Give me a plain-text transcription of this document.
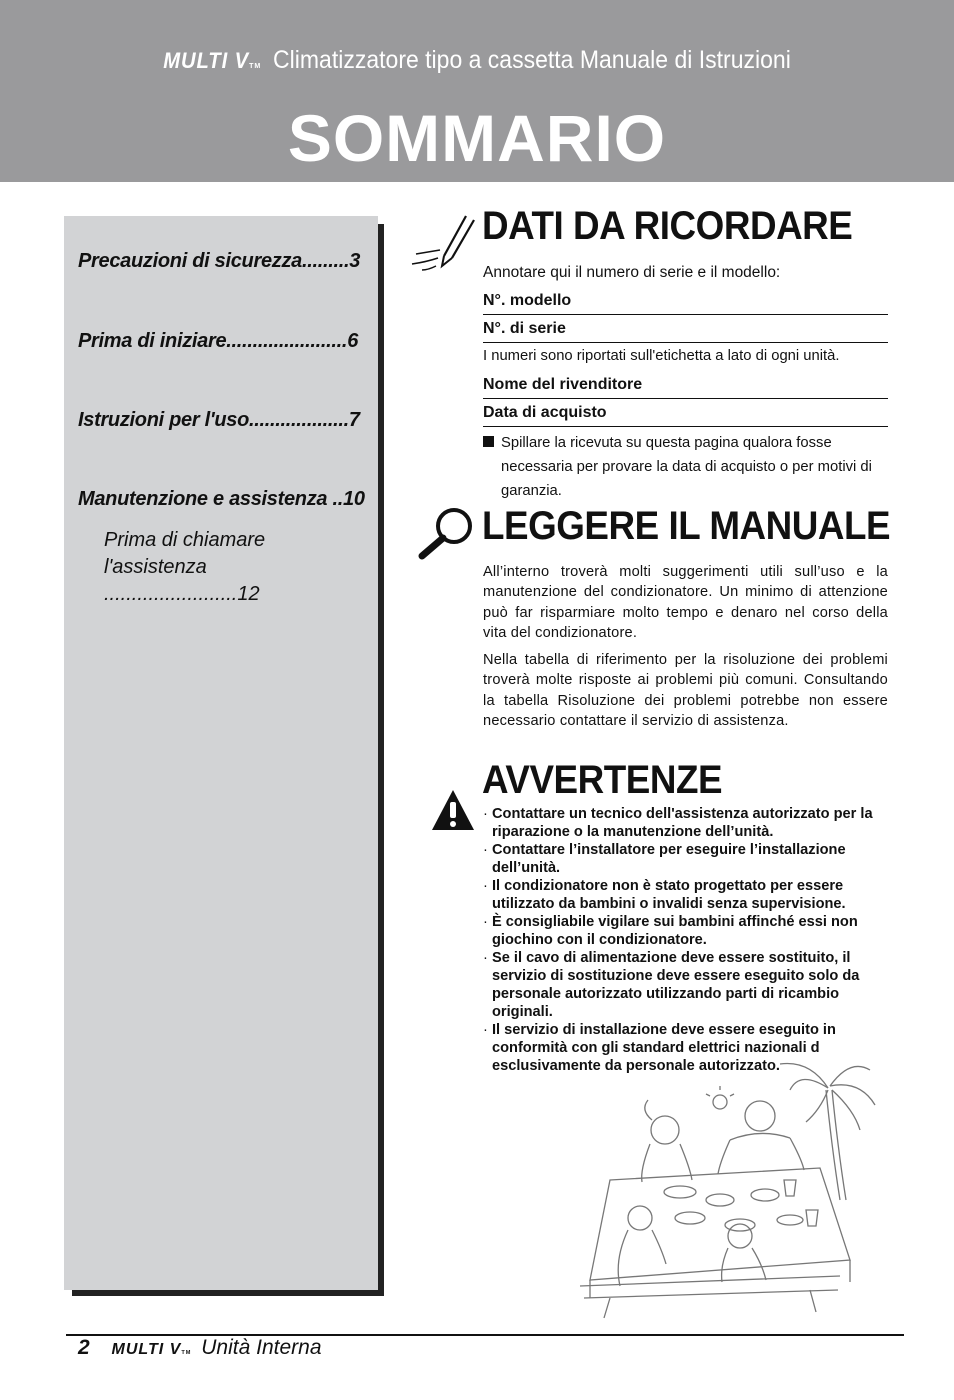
MULTI VTM Climatizzatore tipo a cassetta Manuale di Istruzioni
SOMMARIO
Precauzioni di sicurezza.........3
Prima di iniziare.......................6
Istruzioni per l'uso...................7
Manutenzione e assistenza ..10
Prima di chiamare
l'assistenza ........................12
DATI DA RICORDARE
Annotare qui il numero di serie e il modello:
N°. modello
N°. di serie
I numeri sono riportati sull'etichetta a lato di ogni unità.
Nome del rivenditore
Data di acquisto
Spillare la ricevuta su questa pagina qualora fosse
necessaria per provare la data di acquisto o per motivi di
garanzia.
LEGGERE IL MANUALE
All’interno troverà molti suggerimenti utili sull’uso e la manutenzione del condizionatore. Un minimo di attenzione può far risparmiare molto tempo e denaro nel corso della vita del condizionatore.
Nella tabella di riferimento per la risoluzione dei problemi troverà molte risposte ai problemi più comuni. Consultando la tabella Risoluzione dei problemi potrebbe non essere necessario contattare il servizio di assistenza.
AVVERTENZE
· Contattare un tecnico dell'assistenza autorizzato per la riparazione o la manutenzione dell’unità.
· Contattare l’installatore per eseguire l’installazione dell’unità.
· Il condizionatore non è stato progettato per essere utilizzato da bambini o invalidi senza supervisione.
· È consigliabile vigilare sui bambini affinché essi non giochino con il condizionatore.
· Se il cavo di alimentazione deve essere sostituito, il servizio di sostituzione deve essere eseguito solo da personale autorizzato utilizzando parti di ricambio originali.
· Il servizio di installazione deve essere eseguito in conformità con gli standard elettrici nazionali d esclusivamente da personale autorizzato.
2 MULTI VTM Unità Interna
